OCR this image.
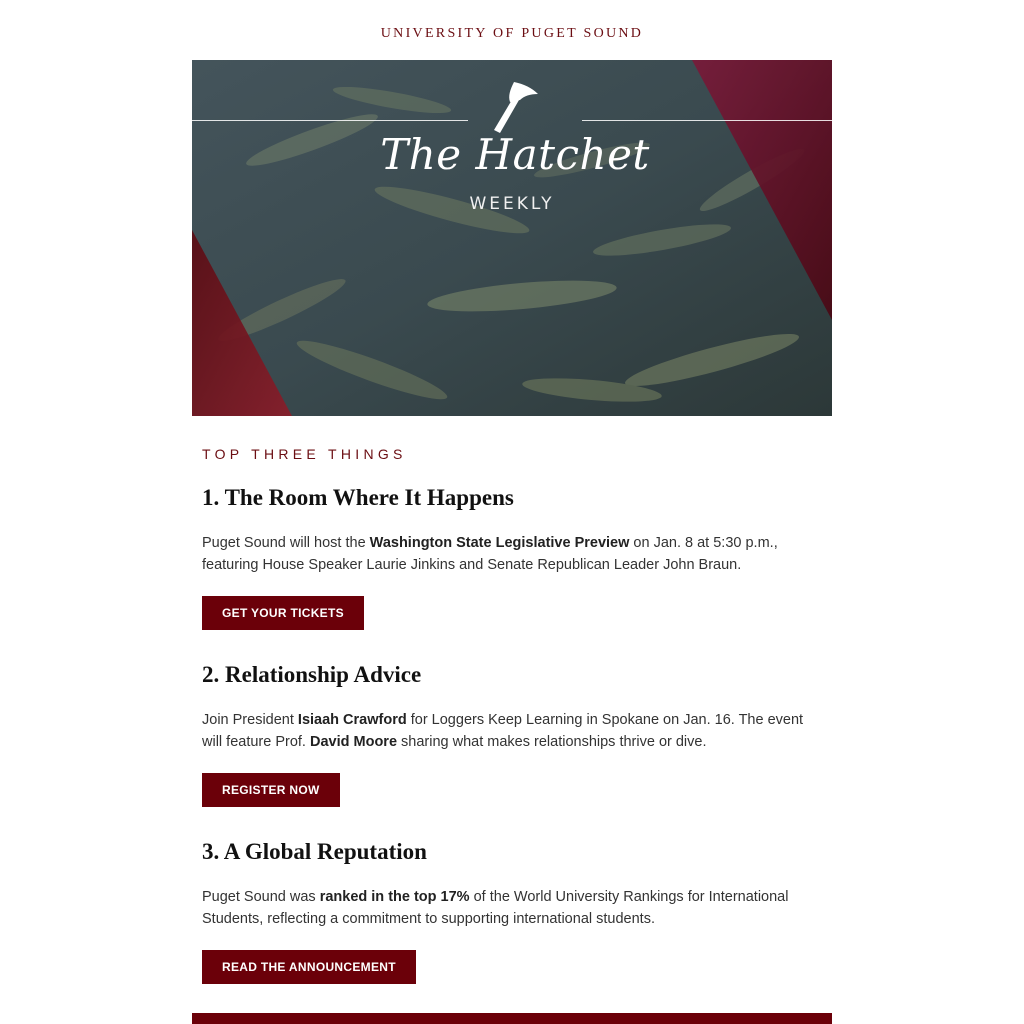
UNIVERSITY OF PUGET SOUND
The Hatchet
WEEKLY
TOP THREE THINGS
1. The Room Where It Happens

Puget Sound will host the Washington State Legislative Preview on Jan. 8 at 5:30 p.m., featuring House Speaker Laurie Jinkins and Senate Republican Leader John Braun.

GET YOUR TICKETS
2. Relationship Advice

Join President Isiaah Crawford for Loggers Keep Learning in Spokane on Jan. 16. The event will feature Prof. David Moore sharing what makes relationships thrive or dive.

REGISTER NOW
3. A Global Reputation

Puget Sound was ranked in the top 17% of the World University Rankings for International Students, reflecting a commitment to supporting international students.

READ THE ANNOUNCEMENT
